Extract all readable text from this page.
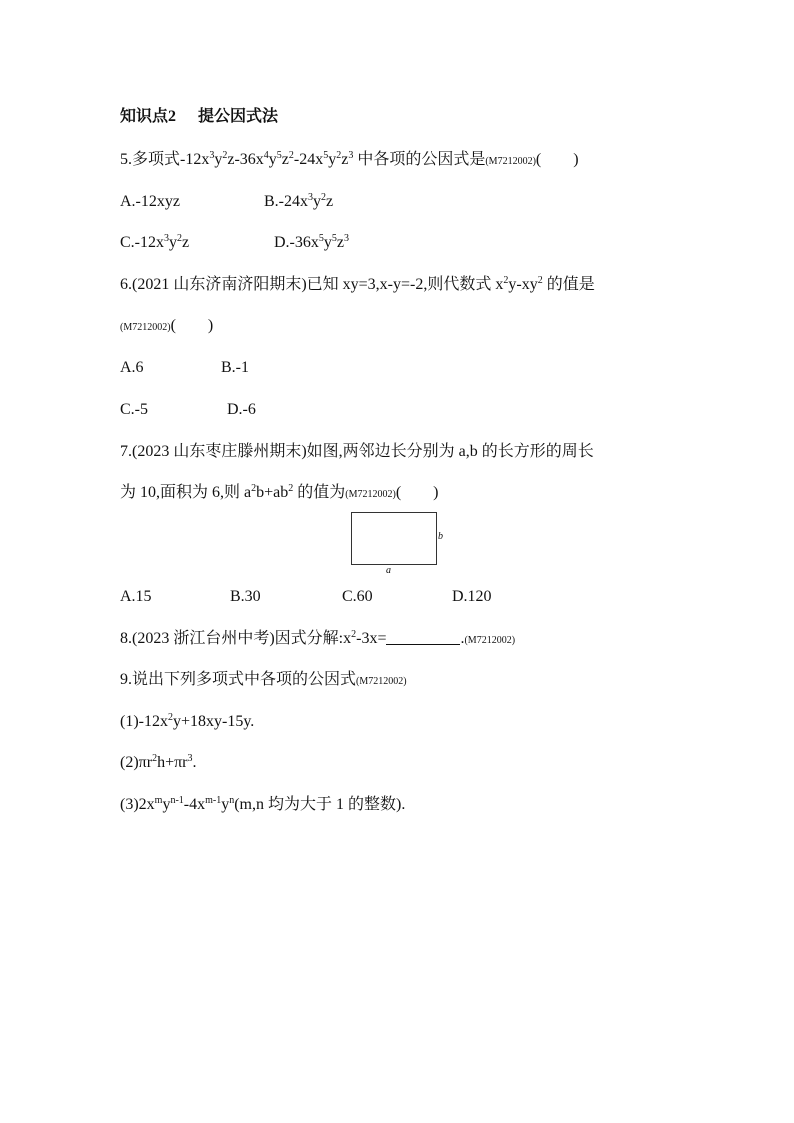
知识点2 提公因式法
5.多项式$-12x^3y^2z-36x^4y^5z^2-24x^5y^2z^3$ 中各项的公因式是(M7212002)(　　)
A.-12xyz	$B.-24x^3y^2z$
$C.-12x^3y^2z$	$D.-36x^5y^5z^3$
6.(2021 山东济南济阳期末)已知 xy=3,x-y=-2,则代数式 $x^2y-xy^2$ 的值是
(M7212002)(　　)
A.6	B.-1
C.-5	D.-6
7.(2023 山东枣庄滕州期末)如图,两邻边长分别为 a,b 的长方形的周长
为 10,面积为 6,则 $a^2b+ab^2$ 的值为(M7212002)(　　)
b
a
A.15	B.30	C.60	D.120
8.(2023 浙江台州中考)因式分解$:x^2-3x=$	.(M7212002)
9.说出下列多项式中各项的公因式(M7212002)
$(1)-12x^2y+18xy-15y$.
$(2)\pi r^2h+\pi r^3$.
$(3)2x^my^{n-1}-4x^{m-1}y^n(m,n$ 均为大于 1 的整数).
